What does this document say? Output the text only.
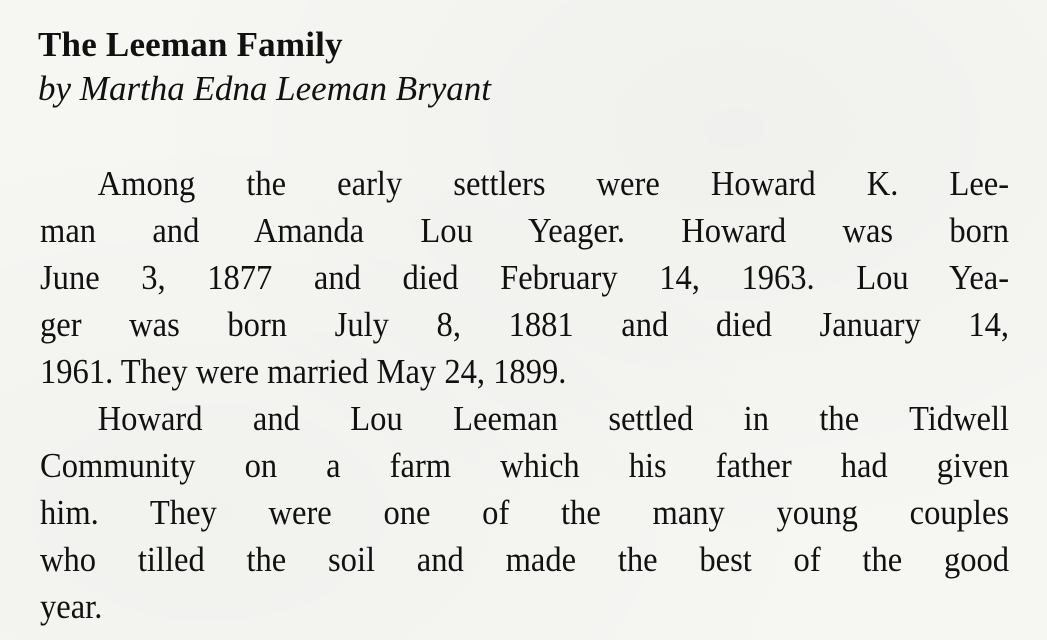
The Leeman Family

by Martha Edna Leeman Bryant

Among the early settlers were Howard K. Lee-
man and Amanda Lou Yeager. Howard was born
June 3, 1877 and died February 14, 1963. Lou Yea-
ger was born July 8, 1881 and died January 14,
1961. They were married May 24, 1899.
Howard and Lou Leeman settled in the Tidwell
Community on a farm which his father had given
him. They were one of the many young couples
who tilled the soil and made the best of the good
year.
